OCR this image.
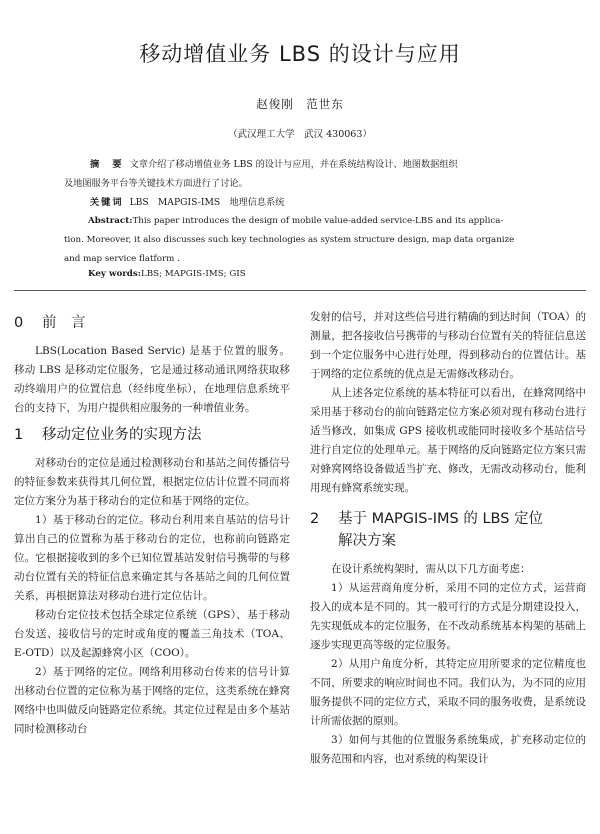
移动增值业务 LBS 的设计与应用
赵俊刚　范世东
（武汉理工大学　武汉 430063）
摘　要 文章介绍了移动增值业务 LBS 的设计与应用，并在系统结构设计、地图数据组织
及地图服务平台等关键技术方面进行了讨论。
关键词 LBS　MAPGIS-IMS　地理信息系统
Abstract:This paper introduces the design of mobile value-added service-LBS and its applica-
tion. Moreover, it also discusses such key technologies as system structure design, map data organize
and map service flatform .
Key words:LBS; MAPGIS-IMS; GIS
0 前　言

LBS(Location Based Servic) 是基于位置的服务。移动 LBS 是移动定位服务，它是通过移动通讯网络获取移动终端用户的位置信息（经纬度坐标），在地理信息系统平台的支持下，为用户提供相应服务的一种增值业务。

1 移动定位业务的实现方法

对移动台的定位是通过检测移动台和基站之间传播信号的特征参数来获得其几何位置，根据定位估计位置不同而将定位方案分为基于移动台的定位和基于网络的定位。

1）基于移动台的定位。移动台利用来自基站的信号计算出自己的位置称为基于移动台的定位，也称前向链路定位。它根据接收到的多个已知位置基站发射信号携带的与移动台位置有关的特征信息来确定其与各基站之间的几何位置关系，再根据算法对移动台进行定位估计。

移动台定位技术包括全球定位系统（GPS）、基于移动台发送、接收信号的定时或角度的覆盖三角技术（TOA、E-OTD）以及起源蜂窝小区（COO）。

2）基于网络的定位。网络利用移动台传来的信号计算出移动台位置的定位称为基于网络的定位，这类系统在蜂窝网络中也叫做反向链路定位系统。其定位过程是由多个基站同时检测移动台

发射的信号，并对这些信号进行精确的到达时间（TOA）的测量，把各接收信号携带的与移动台位置有关的特征信息送到一个定位服务中心进行处理，得到移动台的位置估计。基于网络的定位系统的优点是无需修改移动台。

从上述各定位系统的基本特征可以看出，在蜂窝网络中采用基于移动台的前向链路定位方案必须对现有移动台进行适当修改，如集成 GPS 接收机或能同时接收多个基站信号进行自定位的处理单元。基于网络的反向链路定位方案只需对蜂窝网络设备做适当扩充、修改，无需改动移动台，能利用现有蜂窝系统实现。

2 基于 MAPGIS-IMS 的 LBS 定位
解决方案

在设计系统构架时，需从以下几方面考虑：

1）从运营商角度分析，采用不同的定位方式，运营商投入的成本是不同的。其一般可行的方式是分期建设投入，先实现低成本的定位服务，在不改动系统基本构架的基础上逐步实现更高等级的定位服务。

2）从用户角度分析，其特定应用所要求的定位精度也不同，所要求的响应时间也不同。我们认为，为不同的应用服务提供不同的定位方式，采取不同的服务收费，是系统设计所需依据的原则。

3）如何与其他的位置服务系统集成，扩充移动定位的服务范围和内容，也对系统的构架设计
